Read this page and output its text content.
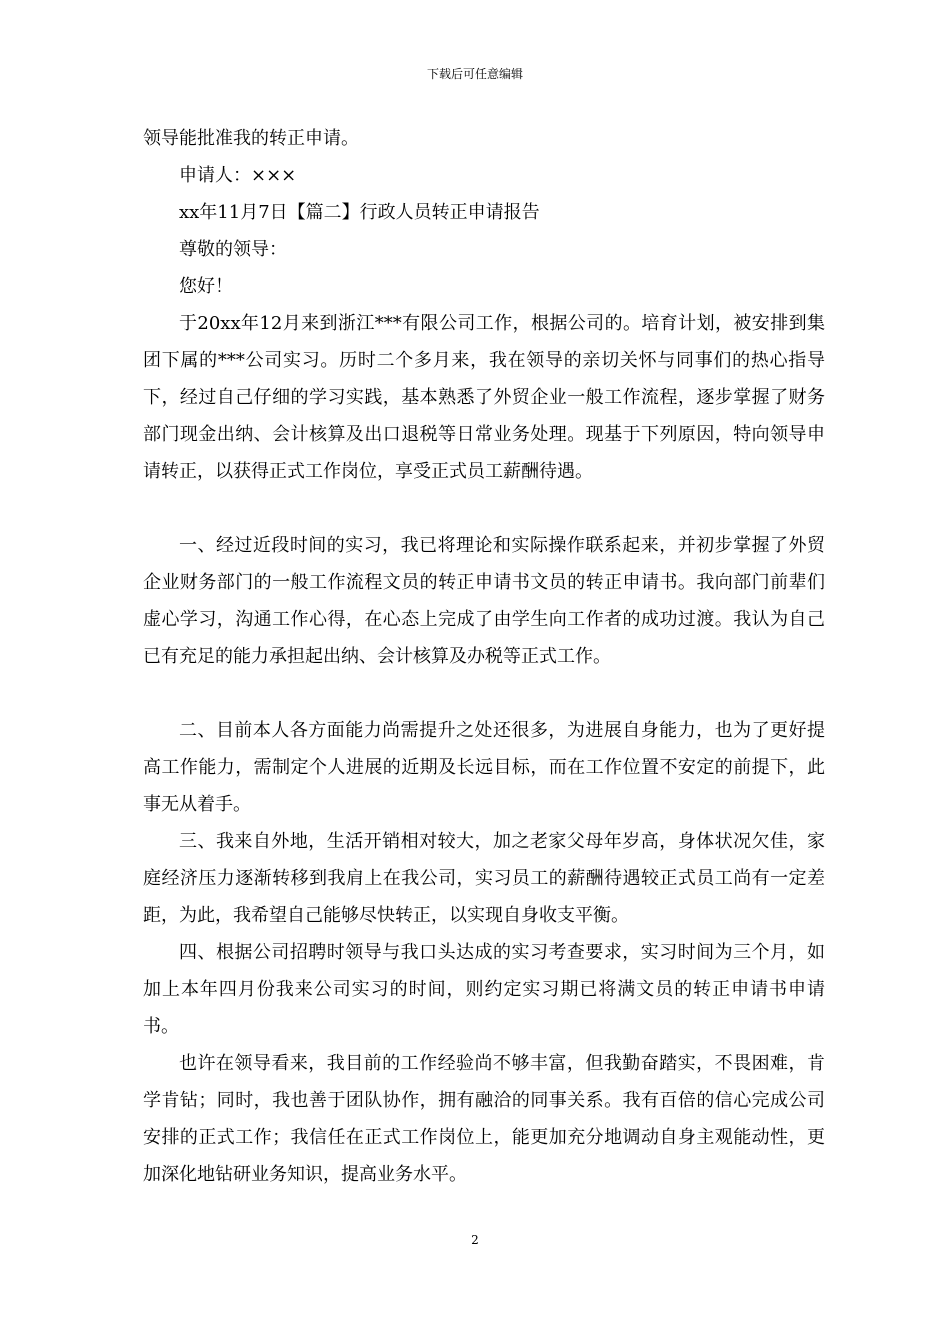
下载后可任意编辑

领导能批准我的转正申请。

申请人：×××

xx年11月7日【篇二】行政人员转正申请报告

尊敬的领导：

您好！

于20xx年12月来到浙江***有限公司工作，根据公司的。培育计划，被安排到集团下属的***公司实习。历时二个多月来，我在领导的亲切关怀与同事们的热心指导下，经过自己仔细的学习实践，基本熟悉了外贸企业一般工作流程，逐步掌握了财务部门现金出纳、会计核算及出口退税等日常业务处理。现基于下列原因，特向领导申请转正，以获得正式工作岗位，享受正式员工薪酬待遇。

一、经过近段时间的实习，我已将理论和实际操作联系起来，并初步掌握了外贸企业财务部门的一般工作流程文员的转正申请书文员的转正申请书。我向部门前辈们虚心学习，沟通工作心得，在心态上完成了由学生向工作者的成功过渡。我认为自己已有充足的能力承担起出纳、会计核算及办税等正式工作。

二、目前本人各方面能力尚需提升之处还很多，为进展自身能力，也为了更好提高工作能力，需制定个人进展的近期及长远目标，而在工作位置不安定的前提下，此事无从着手。

三、我来自外地，生活开销相对较大，加之老家父母年岁高，身体状况欠佳，家庭经济压力逐渐转移到我肩上在我公司，实习员工的薪酬待遇较正式员工尚有一定差距，为此，我希望自己能够尽快转正，以实现自身收支平衡。

四、根据公司招聘时领导与我口头达成的实习考查要求，实习时间为三个月，如加上本年四月份我来公司实习的时间，则约定实习期已将满文员的转正申请书申请书。

也许在领导看来，我目前的工作经验尚不够丰富，但我勤奋踏实，不畏困难，肯学肯钻；同时，我也善于团队协作，拥有融洽的同事关系。我有百倍的信心完成公司安排的正式工作；我信任在正式工作岗位上，能更加充分地调动自身主观能动性，更加深化地钻研业务知识，提高业务水平。

2
